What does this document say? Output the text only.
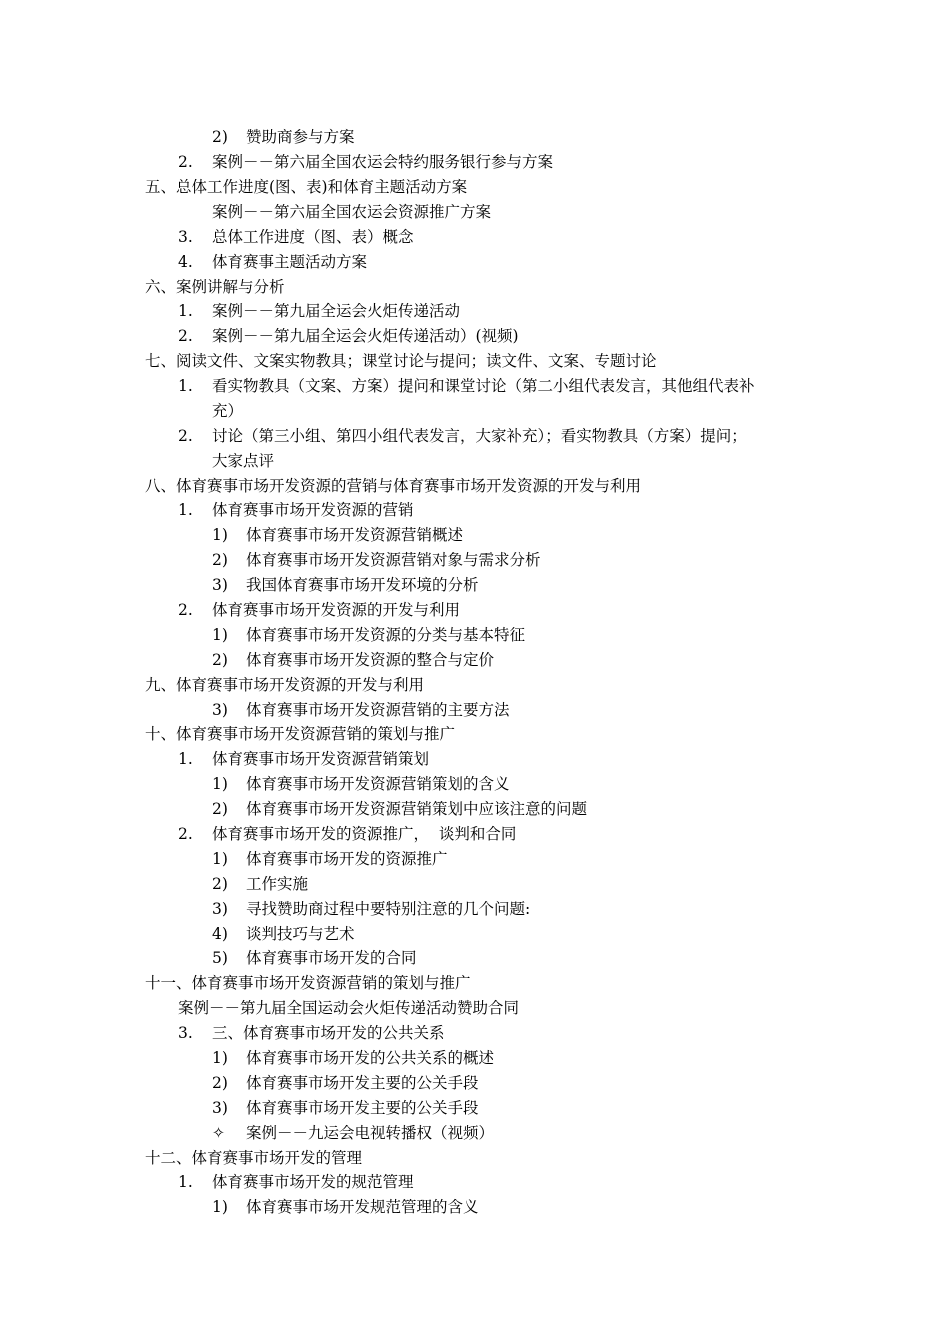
2) 赞助商参与方案
2. 案例－－第六届全国农运会特约服务银行参与方案
五、总体工作进度(图、表)和体育主题活动方案
案例－－第六届全国农运会资源推广方案
3. 总体工作进度（图、表）概念
4. 体育赛事主题活动方案
六、案例讲解与分析
1. 案例－－第九届全运会火炬传递活动
2. 案例－－第九届全运会火炬传递活动）(视频)
七、阅读文件、文案实物教具；课堂讨论与提问；读文件、文案、专题讨论
1. 看实物教具（文案、方案）提问和课堂讨论（第二小组代表发言，其他组代表补
充）
2. 讨论（第三小组、第四小组代表发言，大家补充）；看实物教具（方案）提问；
大家点评
八、体育赛事市场开发资源的营销与体育赛事市场开发资源的开发与利用
1. 体育赛事市场开发资源的营销
1) 体育赛事市场开发资源营销概述
2) 体育赛事市场开发资源营销对象与需求分析
3) 我国体育赛事市场开发环境的分析
2. 体育赛事市场开发资源的开发与利用
1) 体育赛事市场开发资源的分类与基本特征
2) 体育赛事市场开发资源的整合与定价
九、体育赛事市场开发资源的开发与利用
3) 体育赛事市场开发资源营销的主要方法
十、体育赛事市场开发资源营销的策划与推广
1. 体育赛事市场开发资源营销策划
1) 体育赛事市场开发资源营销策划的含义
2) 体育赛事市场开发资源营销策划中应该注意的问题
2. 体育赛事市场开发的资源推广，  谈判和合同
1) 体育赛事市场开发的资源推广
2) 工作实施
3) 寻找赞助商过程中要特别注意的几个问题:
4) 谈判技巧与艺术
5) 体育赛事市场开发的合同
十一、体育赛事市场开发资源营销的策划与推广
案例－－第九届全国运动会火炬传递活动赞助合同
3. 三、体育赛事市场开发的公共关系
1) 体育赛事市场开发的公共关系的概述
2) 体育赛事市场开发主要的公关手段
3) 体育赛事市场开发主要的公关手段
✧ 案例－－九运会电视转播权（视频）
十二、体育赛事市场开发的管理
1. 体育赛事市场开发的规范管理
1) 体育赛事市场开发规范管理的含义
